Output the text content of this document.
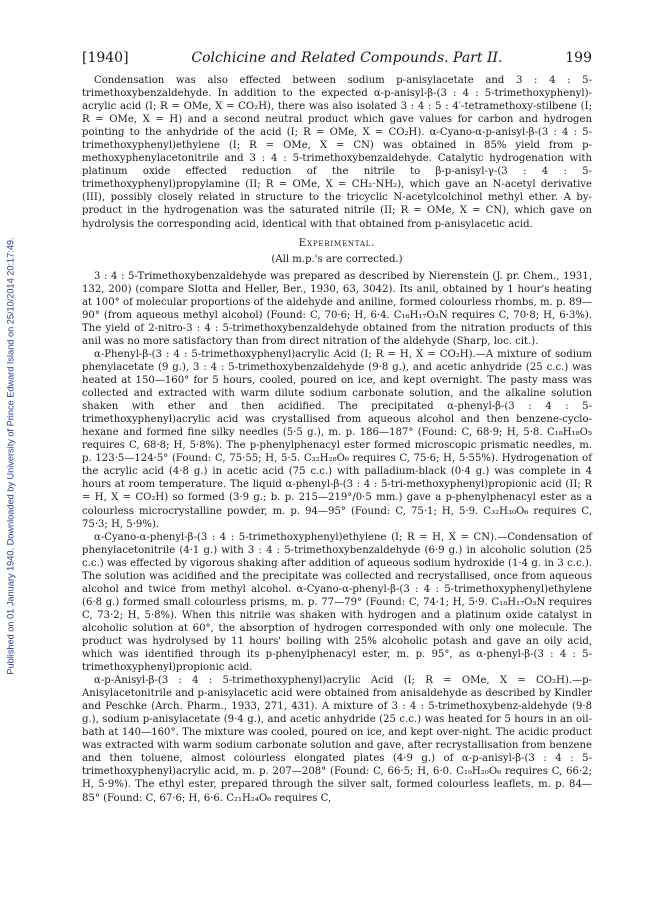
Published on 01 January 1940. Downloaded by University of Prince Edward Island on 25/10/2014 20:17:49.
[1940]	Colchicine and Related Compounds. Part II.	199

Condensation was also effected between sodium p-anisylacetate and 3 : 4 : 5-trimethoxybenzaldehyde. In addition to the expected α-p-anisyl-β-(3 : 4 : 5-trimethoxyphenyl)-acrylic acid (I; R = OMe, X = CO₂H), there was also isolated 3 : 4 : 5 : 4′-tetramethoxy-stilbene (I; R = OMe, X = H) and a second neutral product which gave values for carbon and hydrogen pointing to the anhydride of the acid (I; R = OMe, X = CO₂H). α-Cyano-α-p-anisyl-β-(3 : 4 : 5-trimethoxyphenyl)ethylene (I; R = OMe, X = CN) was obtained in 85% yield from p-methoxyphenylacetonitrile and 3 : 4 : 5-trimethoxybenzaldehyde. Catalytic hydrogenation with platinum oxide effected reduction of the nitrile to β-p-anisyl-γ-(3 : 4 : 5-trimethoxyphenyl)propylamine (II; R = OMe, X = CH₂·NH₂), which gave an N-acetyl derivative (III), possibly closely related in structure to the tricyclic N-acetylcolchinol methyl ether. A by-product in the hydrogenation was the saturated nitrile (II; R = OMe, X = CN), which gave on hydrolysis the corresponding acid, identical with that obtained from p-anisylacetic acid.

Experimental.
(All m.p.'s are corrected.)

3 : 4 : 5-Trimethoxybenzaldehyde was prepared as described by Nierenstein (J. pr. Chem., 1931, 132, 200) (compare Slotta and Heller, Ber., 1930, 63, 3042). Its anil, obtained by 1 hour's heating at 100° of molecular proportions of the aldehyde and aniline, formed colourless rhombs, m. p. 89—90° (from aqueous methyl alcohol) (Found: C, 70·6; H, 6·4. C₁₆H₁₇O₃N requires C, 70·8; H, 6·3%). The yield of 2-nitro-3 : 4 : 5-trimethoxybenzaldehyde obtained from the nitration products of this anil was no more satisfactory than from direct nitration of the aldehyde (Sharp, loc. cit.).

α-Phenyl-β-(3 : 4 : 5-trimethoxyphenyl)acrylic Acid (I; R = H, X = CO₂H).—A mixture of sodium phenylacetate (9 g.), 3 : 4 : 5-trimethoxybenzaldehyde (9·8 g.), and acetic anhydride (25 c.c.) was heated at 150—160° for 5 hours, cooled, poured on ice, and kept overnight. The pasty mass was collected and extracted with warm dilute sodium carbonate solution, and the alkaline solution shaken with ether and then acidified. The precipitated α-phenyl-β-(3 : 4 : 5-trimethoxyphenyl)acrylic acid was crystallised from aqueous alcohol and then benzene-cyclo-hexane and formed fine silky needles (5·5 g.), m. p. 186—187° (Found: C, 68·9; H, 5·8. C₁₈H₁₈O₅ requires C, 68·8; H, 5·8%). The p-phenylphenacyl ester formed microscopic prismatic needles, m. p. 123·5—124·5° (Found: C, 75·55; H, 5·5. C₃₂H₂₈O₆ requires C, 75·6; H, 5·55%). Hydrogenation of the acrylic acid (4·8 g.) in acetic acid (75 c.c.) with palladium-black (0·4 g.) was complete in 4 hours at room temperature. The liquid α-phenyl-β-(3 : 4 : 5-tri-methoxyphenyl)propionic acid (II; R = H, X = CO₂H) so formed (3·9 g.; b. p. 215—219°/0·5 mm.) gave a p-phenylphenacyl ester as a colourless microcrystalline powder, m. p. 94—95° (Found: C, 75·1; H, 5·9. C₃₂H₃₀O₆ requires C, 75·3; H, 5·9%).

α-Cyano-α-phenyl-β-(3 : 4 : 5-trimethoxyphenyl)ethylene (I; R = H, X = CN).—Condensation of phenylacetonitrile (4·1 g.) with 3 : 4 : 5-trimethoxybenzaldehyde (6·9 g.) in alcoholic solution (25 c.c.) was effected by vigorous shaking after addition of aqueous sodium hydroxide (1·4 g. in 3 c.c.). The solution was acidified and the precipitate was collected and recrystallised, once from aqueous alcohol and twice from methyl alcohol. α-Cyano-α-phenyl-β-(3 : 4 : 5-trimethoxyphenyl)ethylene (6·8 g.) formed small colourless prisms, m. p. 77—79° (Found: C, 74·1; H, 5·9. C₁₈H₁₇O₃N requires C, 73·2; H, 5·8%). When this nitrile was shaken with hydrogen and a platinum oxide catalyst in alcoholic solution at 60°, the absorption of hydrogen corresponded with only one molecule. The product was hydrolysed by 11 hours' boiling with 25% alcoholic potash and gave an oily acid, which was identified through its p-phenylphenacyl ester, m. p. 95°, as α-phenyl-β-(3 : 4 : 5-trimethoxyphenyl)propionic acid.

α-p-Anisyl-β-(3 : 4 : 5-trimethoxyphenyl)acrylic Acid (I; R = OMe, X = CO₂H).—p-Anisylacetonitrile and p-anisylacetic acid were obtained from anisaldehyde as described by Kindler and Peschke (Arch. Pharm., 1933, 271, 431). A mixture of 3 : 4 : 5-trimethoxybenz-aldehyde (9·8 g.), sodium p-anisylacetate (9·4 g.), and acetic anhydride (25 c.c.) was heated for 5 hours in an oil-bath at 140—160°. The mixture was cooled, poured on ice, and kept over-night. The acidic product was extracted with warm sodium carbonate solution and gave, after recrystallisation from benzene and then toluene, almost colourless elongated plates (4·9 g.) of α-p-anisyl-β-(3 : 4 : 5-trimethoxyphenyl)acrylic acid, m. p. 207—208° (Found: C, 66·5; H, 6·0. C₁₉H₂₀O₆ requires C, 66·2; H, 5·9%). The ethyl ester, prepared through the silver salt, formed colourless leaflets, m. p. 84—85° (Found: C, 67·6; H, 6·6. C₂₁H₂₄O₆ requires C,
